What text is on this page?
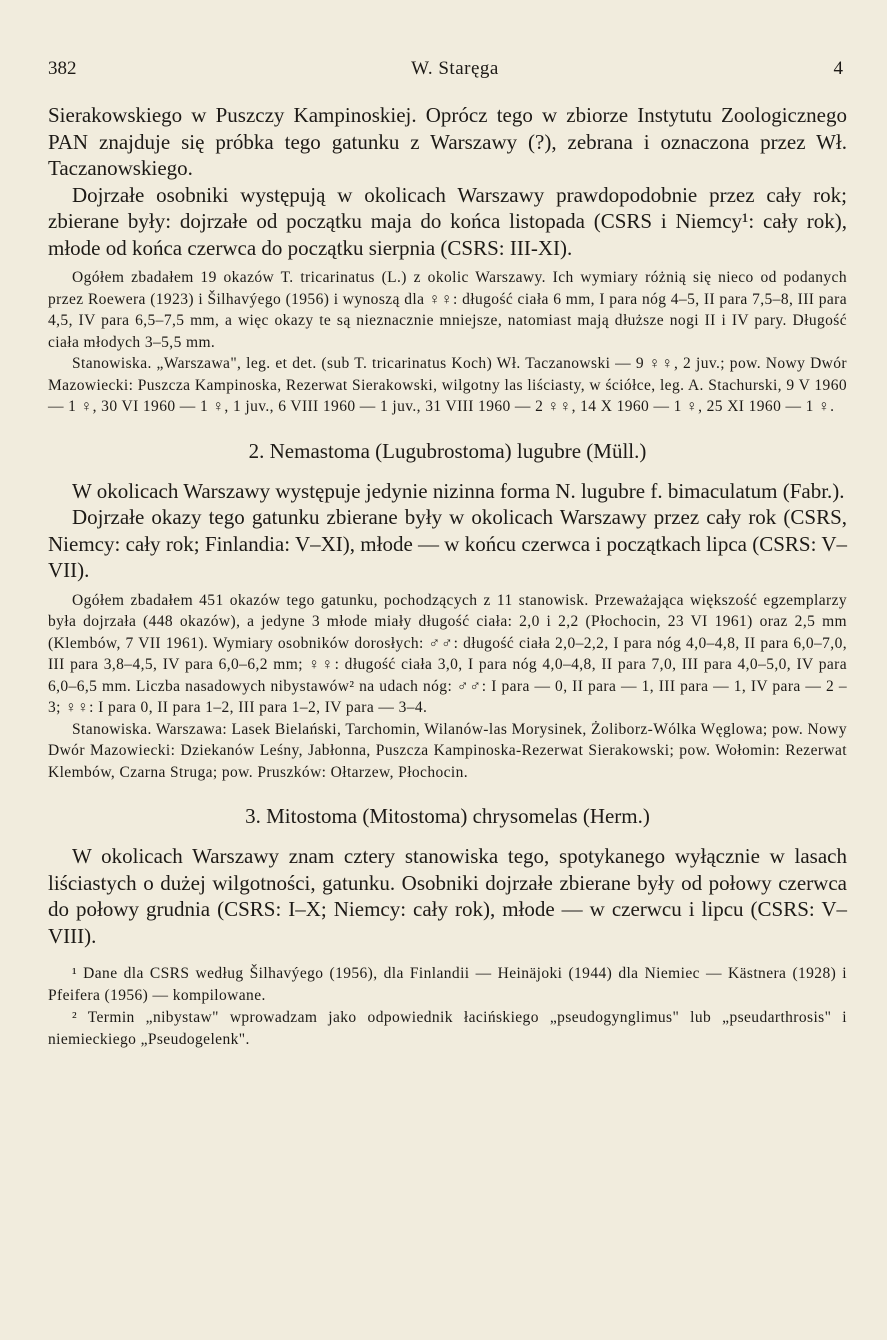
382	W. Staręga	4

Sierakowskiego w Puszczy Kampinoskiej. Oprócz tego w zbiorze Instytutu Zoologicznego PAN znajduje się próbka tego gatunku z Warszawy (?), zebrana i oznaczona przez Wł. Taczanowskiego.

Dojrzałe osobniki występują w okolicach Warszawy prawdopodobnie przez cały rok; zbierane były: dojrzałe od początku maja do końca listopada (CSRS i Niemcy¹: cały rok), młode od końca czerwca do początku sierpnia (CSRS: III-XI).

Ogółem zbadałem 19 okazów T. tricarinatus (L.) z okolic Warszawy. Ich wymiary różnią się nieco od podanych przez Roewera (1923) i Šilhavýego (1956) i wynoszą dla ♀♀: długość ciała 6 mm, I para nóg 4–5, II para 7,5–8, III para 4,5, IV para 6,5–7,5 mm, a więc okazy te są nieznacznie mniejsze, natomiast mają dłuższe nogi II i IV pary. Długość ciała młodych 3–5,5 mm.

Stanowiska. „Warszawa", leg. et det. (sub T. tricarinatus Koch) Wł. Taczanowski — 9 ♀♀, 2 juv.; pow. Nowy Dwór Mazowiecki: Puszcza Kampinoska, Rezerwat Sierakowski, wilgotny las liściasty, w ściółce, leg. A. Stachurski, 9 V 1960 — 1 ♀, 30 VI 1960 — 1 ♀, 1 juv., 6 VIII 1960 — 1 juv., 31 VIII 1960 — 2 ♀♀, 14 X 1960 — 1 ♀, 25 XI 1960 — 1 ♀.

2. Nemastoma (Lugubrostoma) lugubre (Müll.)

W okolicach Warszawy występuje jedynie nizinna forma N. lugubre f. bimaculatum (Fabr.).

Dojrzałe okazy tego gatunku zbierane były w okolicach Warszawy przez cały rok (CSRS, Niemcy: cały rok; Finlandia: V–XI), młode — w końcu czerwca i początkach lipca (CSRS: V–VII).

Ogółem zbadałem 451 okazów tego gatunku, pochodzących z 11 stanowisk. Przeważająca większość egzemplarzy była dojrzała (448 okazów), a jedyne 3 młode miały długość ciała: 2,0 i 2,2 (Płochocin, 23 VI 1961) oraz 2,5 mm (Klembów, 7 VII 1961). Wymiary osobników dorosłych: ♂♂: długość ciała 2,0–2,2, I para nóg 4,0–4,8, II para 6,0–7,0, III para 3,8–4,5, IV para 6,0–6,2 mm; ♀♀: długość ciała 3,0, I para nóg 4,0–4,8, II para 7,0, III para 4,0–5,0, IV para 6,0–6,5 mm. Liczba nasadowych nibystawów² na udach nóg: ♂♂: I para — 0, II para — 1, III para — 1, IV para — 2 – 3; ♀♀: I para 0, II para 1–2, III para 1–2, IV para — 3–4.

Stanowiska. Warszawa: Lasek Bielański, Tarchomin, Wilanów-las Morysinek, Żoliborz-Wólka Węglowa; pow. Nowy Dwór Mazowiecki: Dziekanów Leśny, Jabłonna, Puszcza Kampinoska-Rezerwat Sierakowski; pow. Wołomin: Rezerwat Klembów, Czarna Struga; pow. Pruszków: Ołtarzew, Płochocin.

3. Mitostoma (Mitostoma) chrysomelas (Herm.)

W okolicach Warszawy znam cztery stanowiska tego, spotykanego wyłącznie w lasach liściastych o dużej wilgotności, gatunku. Osobniki dojrzałe zbierane były od połowy czerwca do połowy grudnia (CSRS: I–X; Niemcy: cały rok), młode — w czerwcu i lipcu (CSRS: V–VIII).

¹ Dane dla CSRS według Šilhavýego (1956), dla Finlandii — Heinäjoki (1944) dla Niemiec — Kästnera (1928) i Pfeifera (1956) — kompilowane.

² Termin „nibystaw" wprowadzam jako odpowiednik łacińskiego „pseudogynglimus" lub „pseudarthrosis" i niemieckiego „Pseudogelenk".
